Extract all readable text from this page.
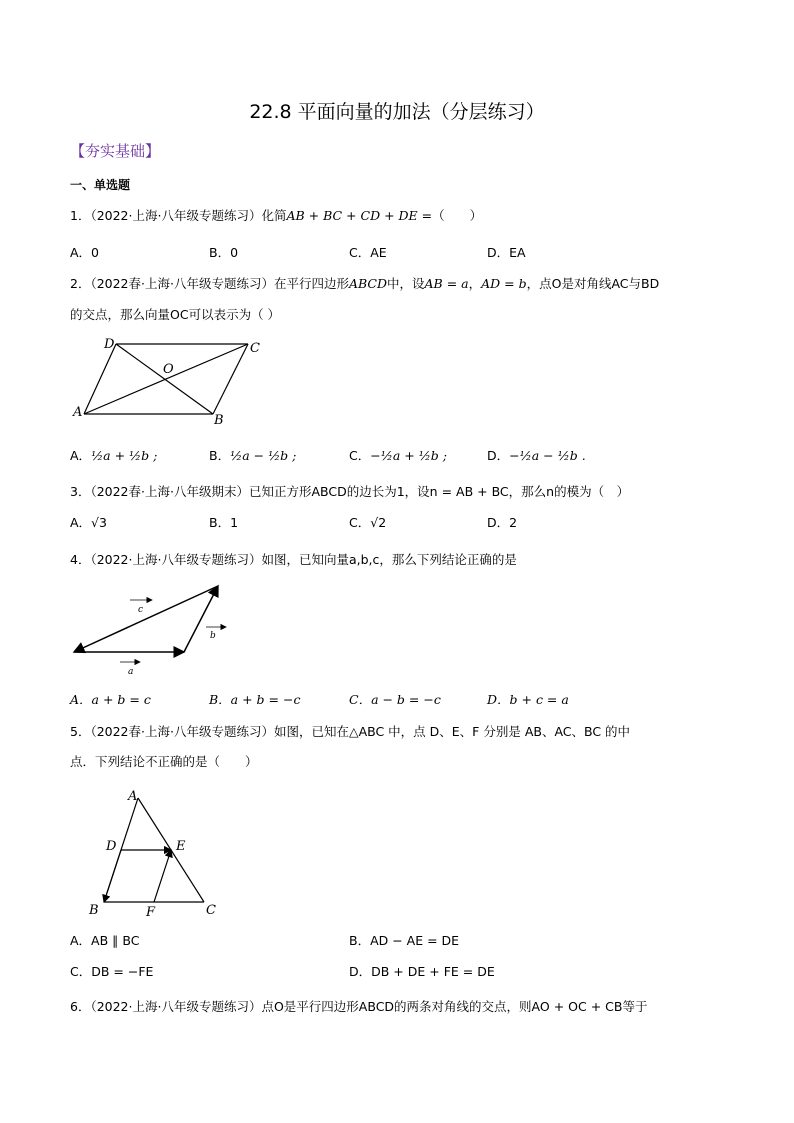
22.8 平面向量的加法（分层练习）
【夯实基础】
一、单选题
1．（2022·上海·八年级专题练习）化简AB + BC + CD + DE =（　　）
A．0	B．0	C．AE	D．EA
2．（2022春·上海·八年级专题练习）在平行四边形ABCD中，设AB = a，AD = b，点O是对角线AC与BD
的交点，那么向量OC可以表示为（ ）
D	C
O
A
B
A．½a + ½b ;	B．½a − ½b ;	C．−½a + ½b ;	D．−½a − ½b .
3．（2022春·上海·八年级期末）已知正方形ABCD的边长为1，设n = AB + BC，那么n的模为（　）
A．√3	B．1	C．√2	D．2
4．（2022·上海·八年级专题练习）如图，已知向量a,b,c，那么下列结论正确的是
c
b
a
A．a + b = c	B．a + b = −c	C．a − b = −c	D．b + c = a
5．（2022春·上海·八年级专题练习）如图，已知在△ABC 中，点 D、E、F 分别是 AB、AC、BC 的中
点．下列结论不正确的是（　　）
A
D	E
B	F	C
A．AB ∥ BC	B．AD − AE = DE
C．DB = −FE	D．DB + DE + FE = DE
6．（2022·上海·八年级专题练习）点O是平行四边形ABCD的两条对角线的交点，则AO + OC + CB等于
